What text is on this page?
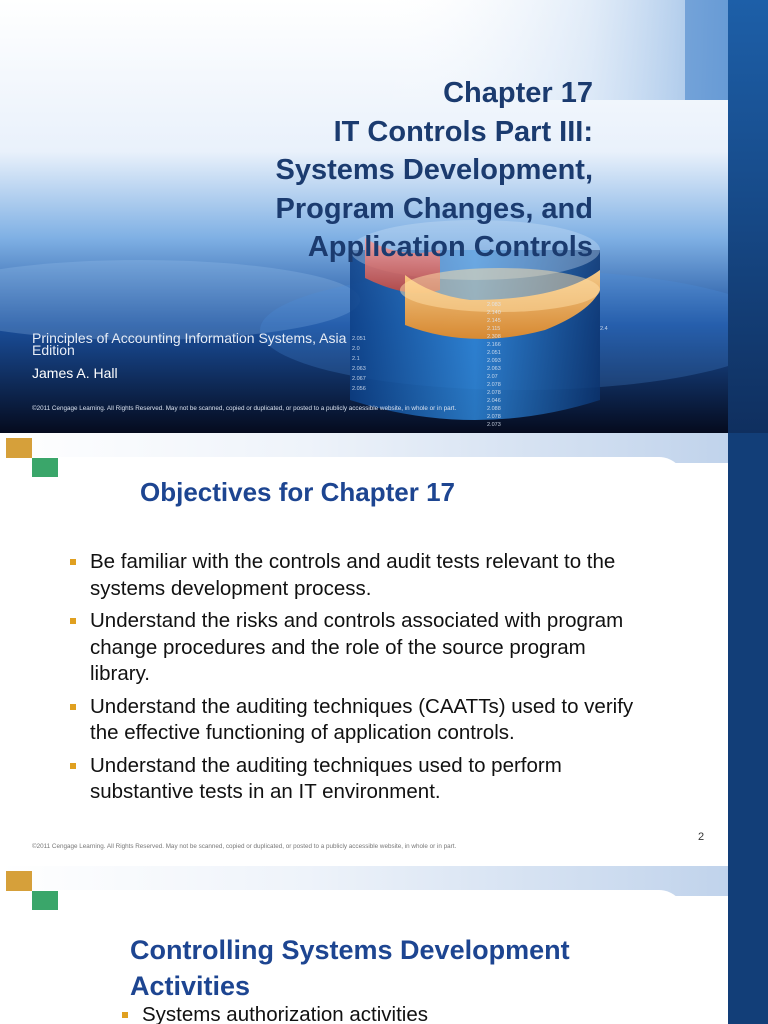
2.083
2.140
2.145
2.115
2.308
2.166
2.051
2.093
2.063
2.07
2.078
2.078
2.046
2.088
2.078
2.073
2.051
2.0
2.1
2.063
2.067
2.056
2.4
Chapter 17
IT Controls Part III:
Systems Development,
Program Changes, and
Application Controls
Principles of Accounting Information Systems, Asia Edition
James A. Hall
©2011 Cengage Learning. All Rights Reserved. May not be scanned, copied or duplicated, or posted to a publicly accessible website, in whole or in part.
Objectives for Chapter 17
Be familiar with the controls and audit tests relevant to the systems development process.
Understand the risks and controls associated with program change procedures and the role of the source program library.
Understand the auditing techniques (CAATTs) used to verify the effective functioning of application controls.
Understand the auditing techniques used to perform substantive tests in an IT environment.
©2011 Cengage Learning. All Rights Reserved. May not be scanned, copied or duplicated, or posted to a publicly accessible website, in whole or in part.
2
Controlling Systems Development
Activities
Systems authorization activities
